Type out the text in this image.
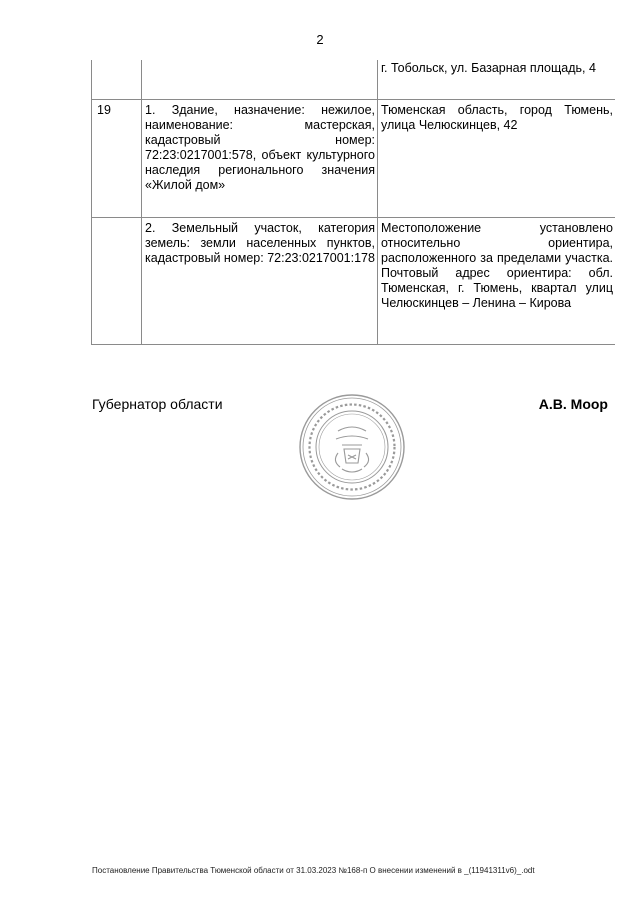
2
		г. Тобольск, ул. Базарная площадь, 4
19	1. Здание, назначение: нежилое, наименование: мастерская, кадастровый номер: 72:23:0217001:578, объект культурного наследия регионального значения «Жилой дом»	Тюменская область, город Тюмень, улица Челюскинцев, 42
	2. Земельный участок, категория земель: земли населенных пунктов, кадастровый номер: 72:23:0217001:178	Местоположение установлено относительно ориентира, расположенного за пределами участка. Почтовый адрес ориентира: обл. Тюменская, г. Тюмень, квартал улиц Челюскинцев – Ленина – Кирова
Губернатор области	А.В. Моор
Постановление Правительства Тюменской области от 31.03.2023 №168-п О внесении изменений в _(11941311v6)_.odt
